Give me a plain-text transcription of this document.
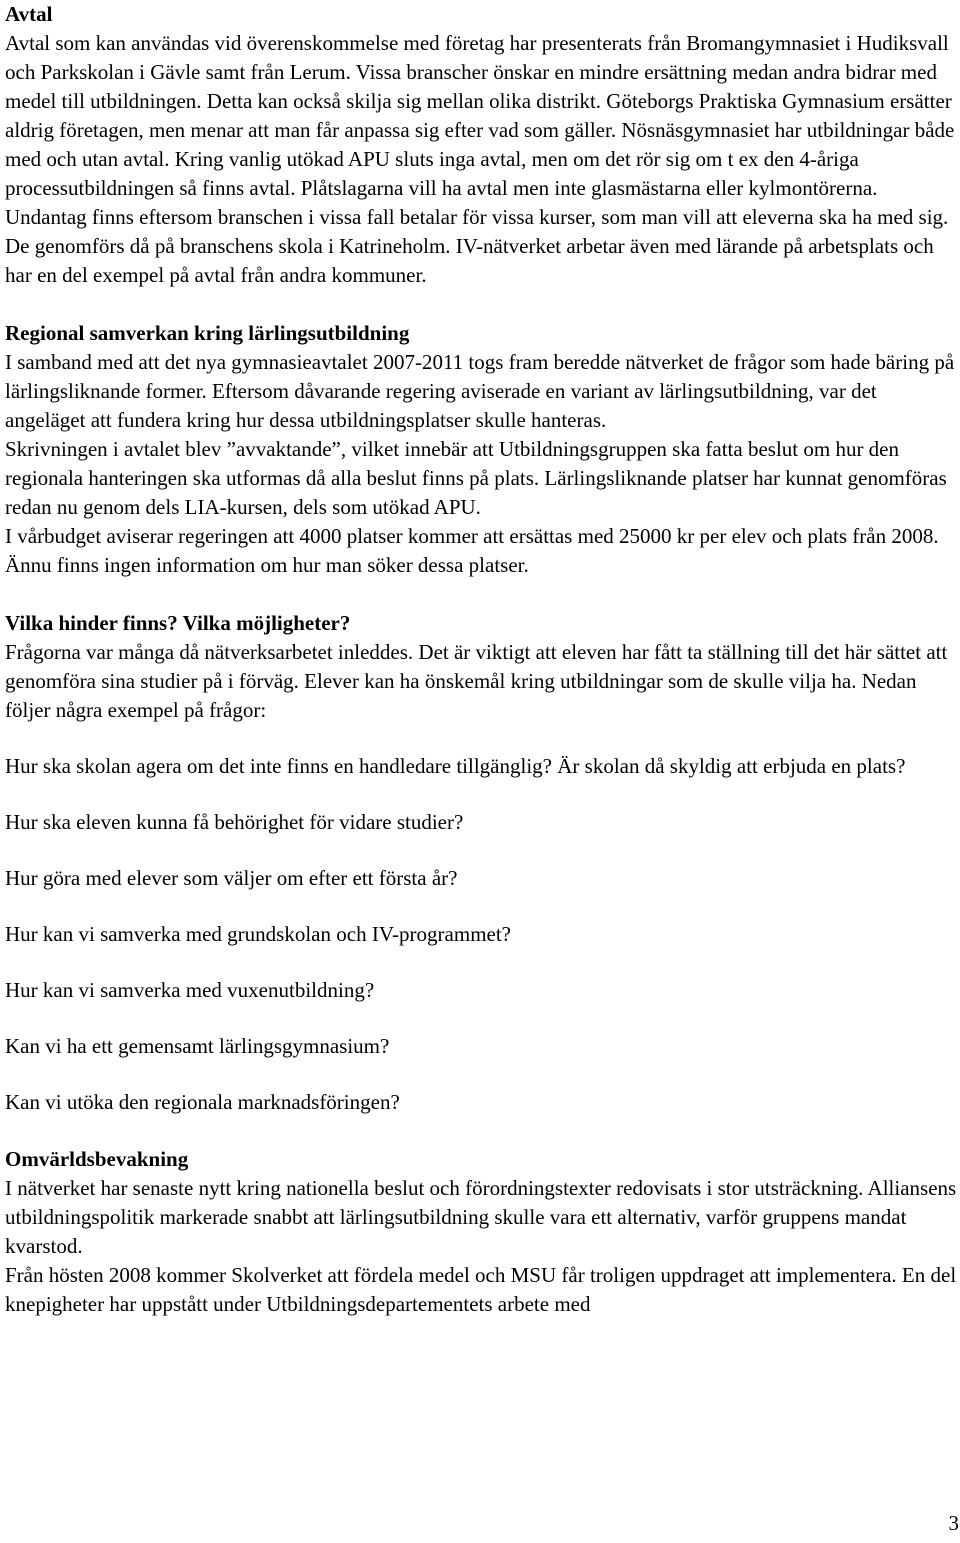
Avtal

Avtal som kan användas vid överenskommelse med företag har presenterats från Bromangymnasiet i Hudiksvall och Parkskolan i Gävle samt från Lerum. Vissa branscher önskar en mindre ersättning medan andra bidrar med medel till utbildningen. Detta kan också skilja sig mellan olika distrikt. Göteborgs Praktiska Gymnasium ersätter aldrig företagen, men menar att man får anpassa sig efter vad som gäller. Nösnäsgymnasiet har utbildningar både med och utan avtal. Kring vanlig utökad APU sluts inga avtal, men om det rör sig om t ex den 4-åriga processutbildningen så finns avtal. Plåtslagarna vill ha avtal men inte glasmästarna eller kylmontörerna. Undantag finns eftersom branschen i vissa fall betalar för vissa kurser, som man vill att eleverna ska ha med sig. De genomförs då på branschens skola i Katrineholm. IV-nätverket arbetar även med lärande på arbetsplats och har en del exempel på avtal från andra kommuner.

Regional samverkan kring lärlingsutbildning

I samband med att det nya gymnasieavtalet 2007-2011 togs fram beredde nätverket de frågor som hade bäring på lärlingsliknande former. Eftersom dåvarande regering aviserade en variant av lärlingsutbildning, var det angeläget att fundera kring hur dessa utbildningsplatser skulle hanteras.

Skrivningen i avtalet blev ”avvaktande”, vilket innebär att Utbildningsgruppen ska fatta beslut om hur den regionala hanteringen ska utformas då alla beslut finns på plats. Lärlingsliknande platser har kunnat genomföras redan nu genom dels LIA-kursen, dels som utökad APU.

I vårbudget aviserar regeringen att 4000 platser kommer att ersättas med 25000 kr per elev och plats från 2008. Ännu finns ingen information om hur man söker dessa platser.

Vilka hinder finns? Vilka möjligheter?

Frågorna var många då nätverksarbetet inleddes. Det är viktigt att eleven har fått ta ställning till det här sättet att genomföra sina studier på i förväg. Elever kan ha önskemål kring utbildningar som de skulle vilja ha. Nedan följer några exempel på frågor:

Hur ska skolan agera om det inte finns en handledare tillgänglig? Är skolan då skyldig att erbjuda en plats?

Hur ska eleven kunna få behörighet för vidare studier?

Hur göra med elever som väljer om efter ett första år?

Hur kan vi samverka med grundskolan och IV-programmet?

Hur kan vi samverka med vuxenutbildning?

Kan vi ha ett gemensamt lärlingsgymnasium?

Kan vi utöka den regionala marknadsföringen?

Omvärldsbevakning

I nätverket har senaste nytt kring nationella beslut och förordningstexter redovisats i stor utsträckning. Alliansens utbildningspolitik markerade snabbt att lärlingsutbildning skulle vara ett alternativ, varför gruppens mandat kvarstod.

Från hösten 2008 kommer Skolverket att fördela medel och MSU får troligen uppdraget att implementera. En del knepigheter har uppstått under Utbildningsdepartementets arbete med

3
